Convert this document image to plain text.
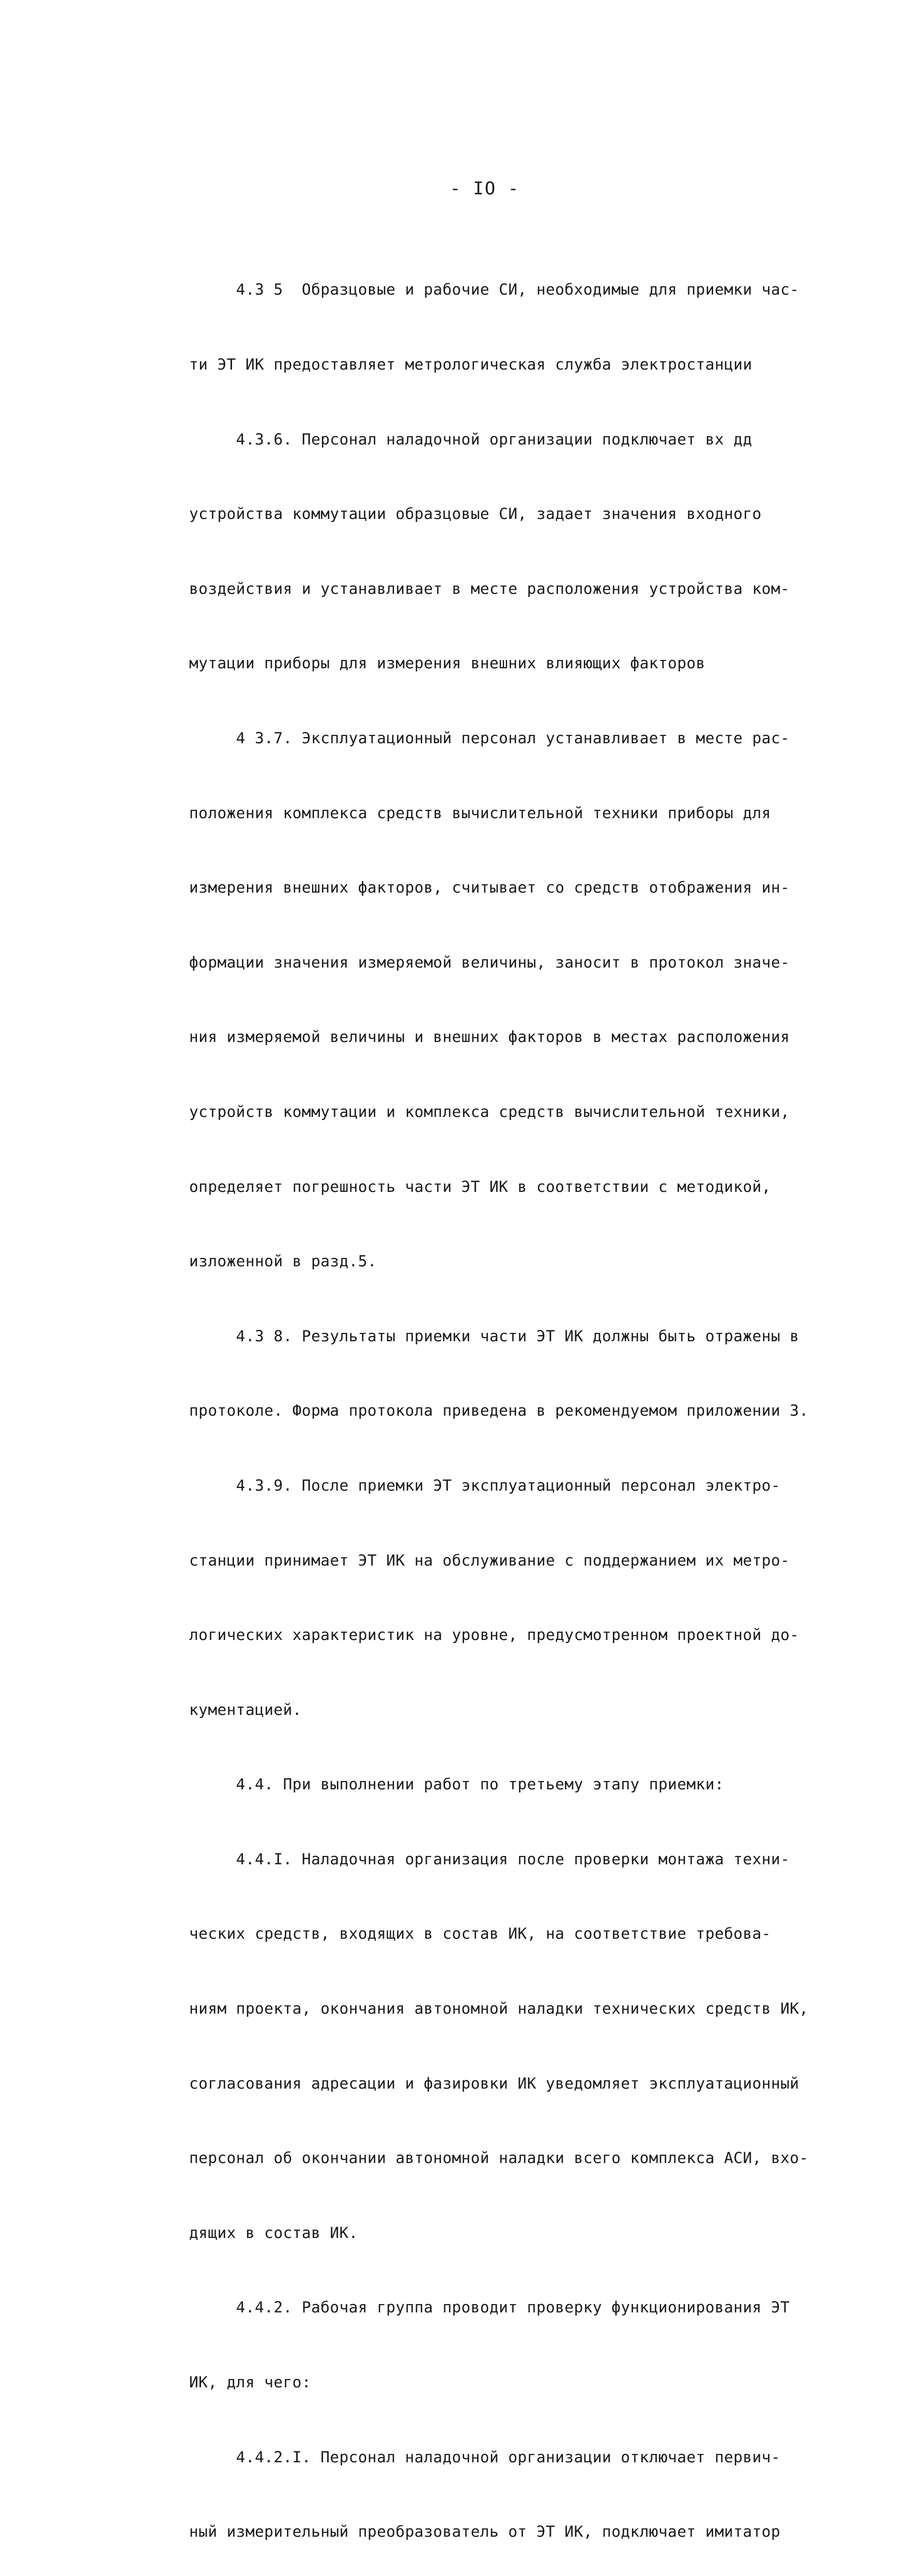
- IO -

4.3 5  Образцовые и рабочие СИ, необходимые для приемки час-

ти ЭТ ИК предоставляет метрологическая служба электростанции

4.3.6. Персонал наладочной организации подключает вх дд

устройства коммутации образцовые СИ, задает значения входного

воздействия и устанавливает в месте расположения устройства ком-

мутации приборы для измерения внешних влияющих факторов

4 3.7. Эксплуатационный персонал устанавливает в месте рас-

положения комплекса средств вычислительной техники приборы для

измерения внешних факторов, считывает со средств отображения ин-

формации значения измеряемой величины, заносит в протокол значе-

ния измеряемой величины и внешних факторов в местах расположения

устройств коммутации и комплекса средств вычислительной техники,

определяет погрешность части ЭТ ИК в соответствии с методикой,

изложенной в разд.5.

4.3 8. Результаты приемки части ЭТ ИК должны быть отражены в

протоколе. Форма протокола приведена в рекомендуемом приложении 3.

4.3.9. После приемки ЭТ эксплуатационный персонал электро-

станции принимает ЭТ ИК на обслуживание с поддержанием их метро-

логических характеристик на уровне, предусмотренном проектной до-

кументацией.

4.4. При выполнении работ по третьему этапу приемки:

4.4.I. Наладочная организация после проверки монтажа техни-

ческих средств, входящих в состав ИК, на соответствие требова-

ниям проекта, окончания автономной наладки технических средств ИК,

согласования адресации и фазировки ИК уведомляет эксплуатационный

персонал об окончании автономной наладки всего комплекса АСИ, вхо-

дящих в состав ИК.

4.4.2. Рабочая группа проводит проверку функционирования ЭТ

ИК, для чего:

4.4.2.I. Персонал наладочной организации отключает первич-

ный измерительный преобразователь от ЭТ ИК, подключает имитатор
